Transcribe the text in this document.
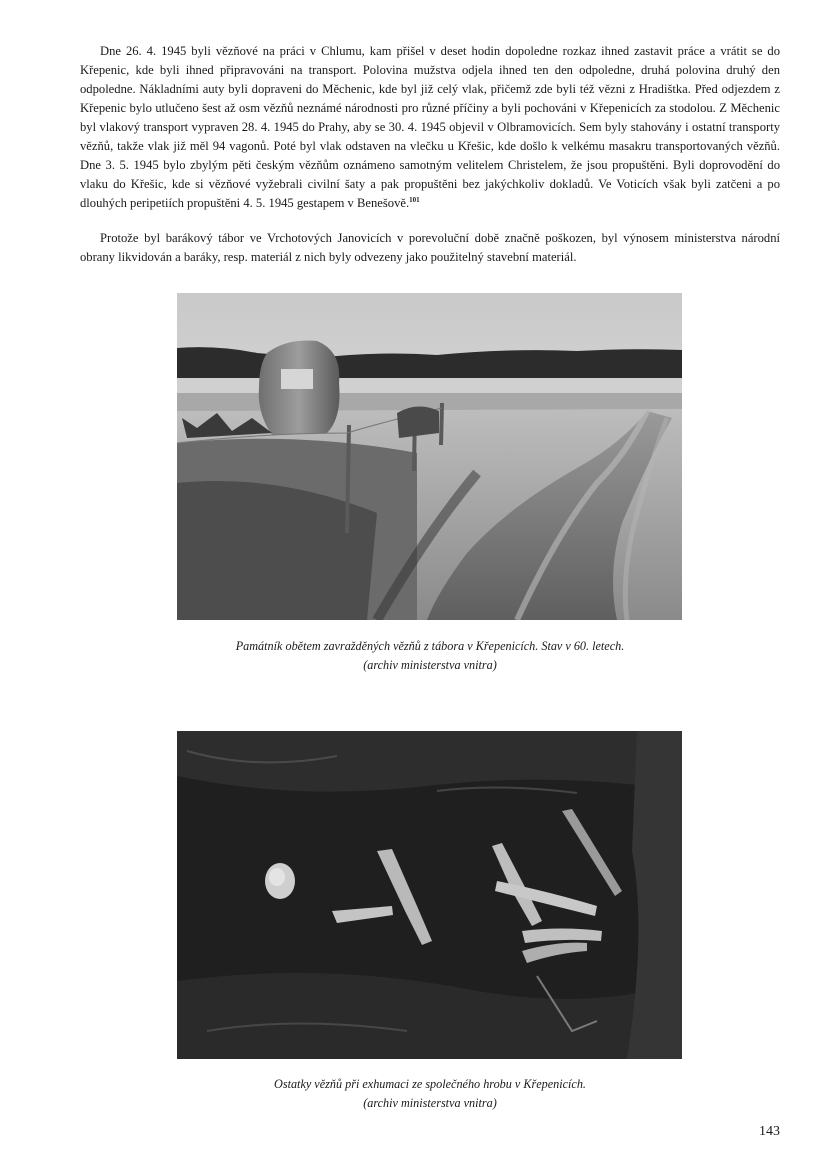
Dne 26. 4. 1945 byli vězňové na práci v Chlumu, kam přišel v deset hodin dopoledne rozkaz ihned zastavit práce a vrátit se do Křepenic, kde byli ihned připravováni na transport. Polovina mužstva odjela ihned ten den odpoledne, druhá polovina druhý den odpoledne. Nákladními auty byli dopraveni do Měchenic, kde byl již celý vlak, přičemž zde byli též vězni z Hradištka. Před odjezdem z Křepenic bylo utlučeno šest až osm vězňů neznámé národnosti pro různé příčiny a byli pochováni v Křepenicích za stodolou. Z Měchenic byl vlakový transport vypraven 28. 4. 1945 do Prahy, aby se 30. 4. 1945 objevil v Olbramovicích. Sem byly stahovány i ostatní transporty vězňů, takže vlak již měl 94 vagonů. Poté byl vlak odstaven na vlečku u Křešic, kde došlo k velkému masakru transportovaných vězňů. Dne 3. 5. 1945 bylo zbylým pěti českým vězňům oznámeno samotným velitelem Christelem, že jsou propuštěni. Byli doprovodění do vlaku do Křešic, kde si vězňové vyžebrali civilní šaty a pak propuštěni bez jakýchkoliv dokladů. Ve Voticích však byli zatčeni a po dlouhých peripetiích propuštěni 4. 5. 1945 gestapem v Benešově.$^{101}$

Protože byl barákový tábor ve Vrchotových Janovicích v porevoluční době značně poškozen, byl výnosem ministerstva národní obrany likvidován a baráky, resp. materiál z nich byly odvezeny jako použitelný stavební materiál.

Památník obětem zavražděných vězňů z tábora v Křepenicích. Stav v 60. letech.
(archiv ministerstva vnitra)
Ostatky vězňů při exhumaci ze společného hrobu v Křepenicích.
(archiv ministerstva vnitra)
143
